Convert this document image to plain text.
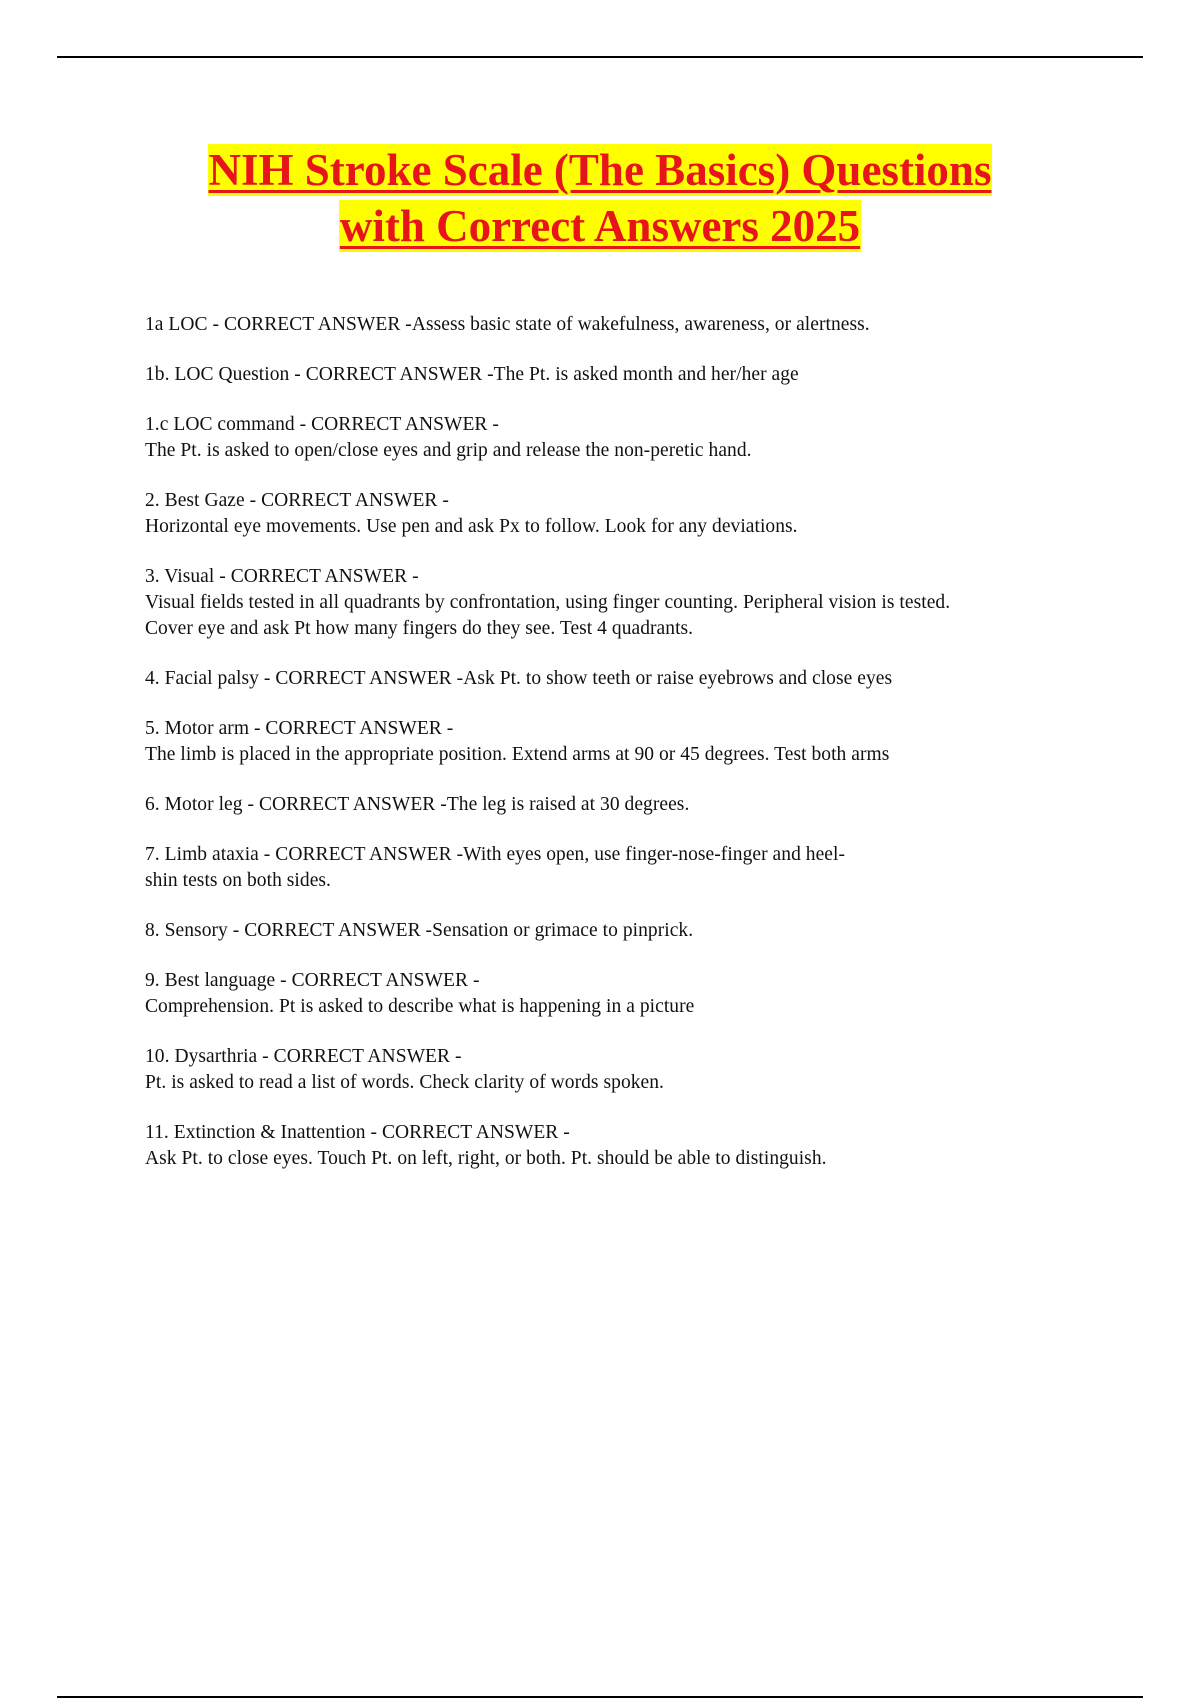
NIH Stroke Scale (The Basics) Questions
with Correct Answers 2025

1a LOC - CORRECT ANSWER -Assess basic state of wakefulness, awareness, or alertness.

1b. LOC Question - CORRECT ANSWER -The Pt. is asked month and her/her age

1.c LOC command - CORRECT ANSWER -

The Pt. is asked to open/close eyes and grip and release the non-peretic hand.

2. Best Gaze - CORRECT ANSWER -

Horizontal eye movements. Use pen and ask Px to follow. Look for any deviations.

3. Visual - CORRECT ANSWER -

Visual fields tested in all quadrants by confrontation, using finger counting. Peripheral vision is tested.

Cover eye and ask Pt how many fingers do they see. Test 4 quadrants.

4. Facial palsy - CORRECT ANSWER -Ask Pt. to show teeth or raise eyebrows and close eyes

5. Motor arm - CORRECT ANSWER -

The limb is placed in the appropriate position. Extend arms at 90 or 45 degrees. Test both arms

6. Motor leg - CORRECT ANSWER -The leg is raised at 30 degrees.

7. Limb ataxia - CORRECT ANSWER -With eyes open, use finger-nose-finger and heel-

shin tests on both sides.

8. Sensory - CORRECT ANSWER -Sensation or grimace to pinprick.

9. Best language - CORRECT ANSWER -

Comprehension. Pt is asked to describe what is happening in a picture

10. Dysarthria - CORRECT ANSWER -

Pt. is asked to read a list of words. Check clarity of words spoken.

11. Extinction & Inattention - CORRECT ANSWER -

Ask Pt. to close eyes. Touch Pt. on left, right, or both. Pt. should be able to distinguish.
